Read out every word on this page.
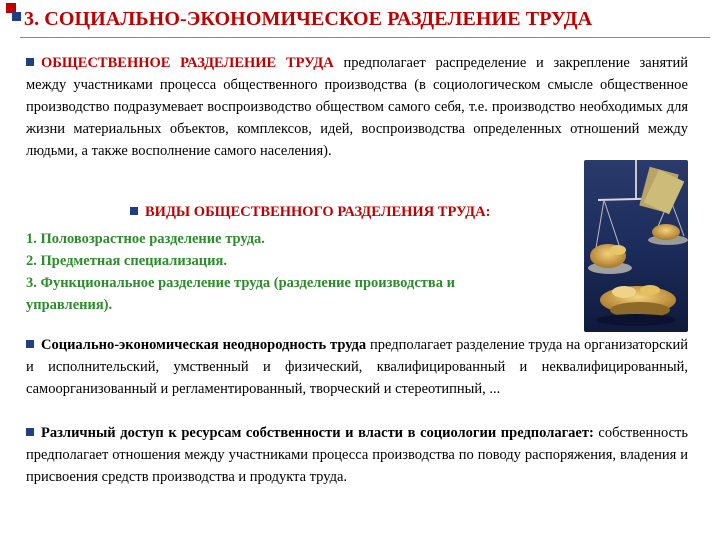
3. СОЦИАЛЬНО-ЭКОНОМИЧЕСКОЕ РАЗДЕЛЕНИЕ ТРУДА
ОБЩЕСТВЕННОЕ РАЗДЕЛЕНИЕ ТРУДА предполагает распределение и закрепление занятий между участниками процесса общественного производства (в социологическом смысле общественное производство подразумевает воспроизводство обществом самого себя, т.е. производство необходимых для жизни материальных объектов, комплексов, идей, воспроизводства определенных отношений между людьми, а также восполнение самого населения).
ВИДЫ ОБЩЕСТВЕННОГО РАЗДЕЛЕНИЯ ТРУДА:
1. Половозрастное разделение труда.
2. Предметная специализация.
3. Функциональное разделение труда (разделение производства и
управления).
Социально-экономическая неоднородность труда предполагает разделение труда на организаторский и исполнительский, умственный и физический, квалифицированный и неквалифицированный, самоорганизованный и регламентированный, творческий и стереотипный, ...
Различный доступ к ресурсам собственности и власти в социологии предполагает: собственность предполагает отношения между участниками процесса производства по поводу распоряжения, владения и присвоения средств производства и продукта труда.
